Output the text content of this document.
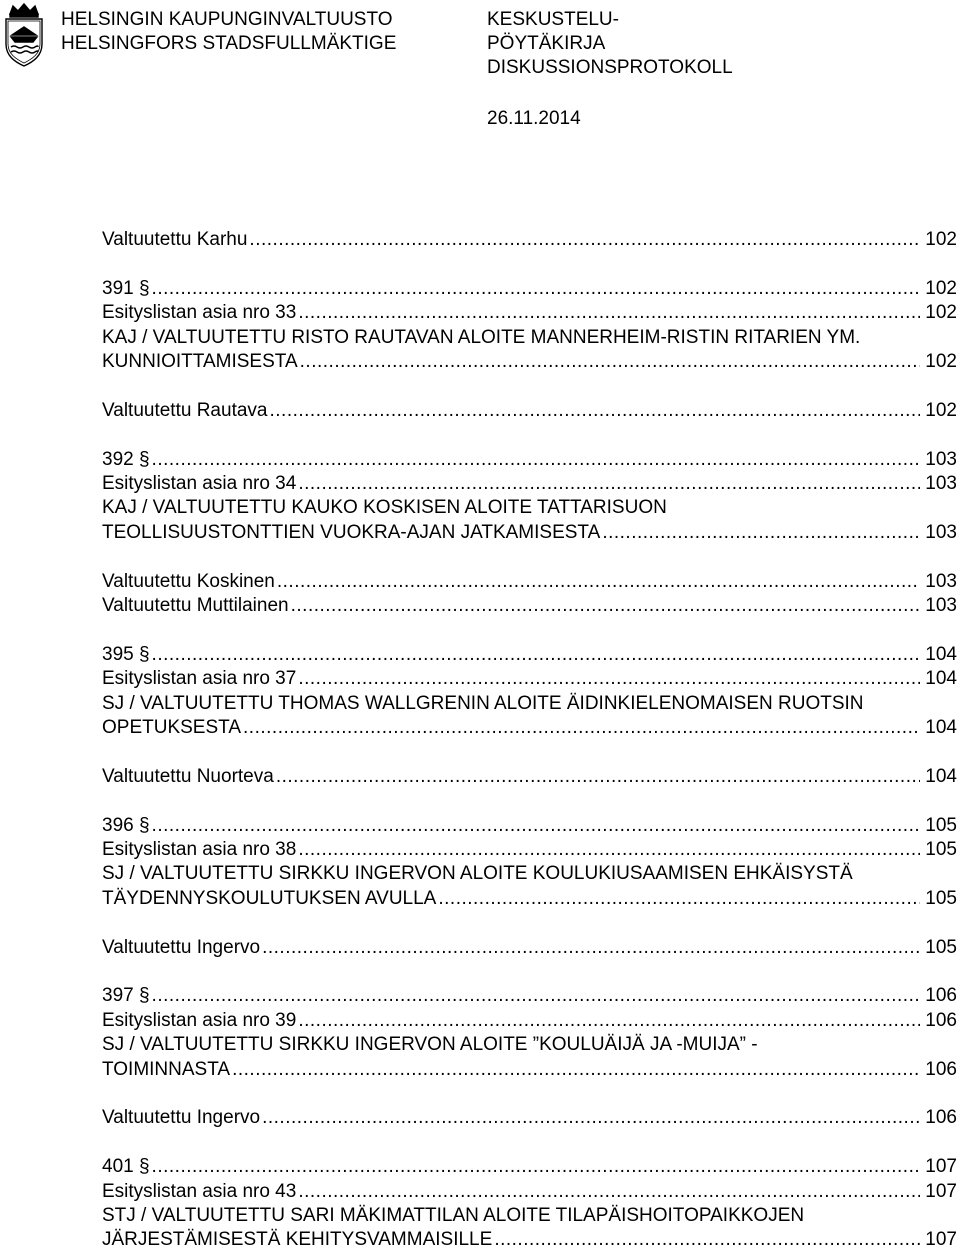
HELSINGIN KAUPUNGINVALTUUSTO
HELSINGFORS STADSFULLMÄKTIGE
KESKUSTELU-
PÖYTÄKIRJA
DISKUSSIONSPROTOKOLL
26.11.2014
Valtuutettu Karhu .....	102
391 § .....	102
Esityslistan asia nro 33 .....	102
KAJ / VALTUUTETTU RISTO RAUTAVAN ALOITE MANNERHEIM-RISTIN RITARIEN YM.
KUNNIOITTAMISESTA .....	102
Valtuutettu Rautava .....	102
392 § .....	103
Esityslistan asia nro 34 .....	103
KAJ / VALTUUTETTU KAUKO KOSKISEN ALOITE TATTARISUON
TEOLLISUUSTONTTIEN VUOKRA-AJAN JATKAMISESTA .....	103
Valtuutettu Koskinen .....	103
Valtuutettu Muttilainen .....	103
395 § .....	104
Esityslistan asia nro 37 .....	104
SJ / VALTUUTETTU THOMAS WALLGRENIN ALOITE ÄIDINKIELENOMAISEN RUOTSIN
OPETUKSESTA .....	104
Valtuutettu Nuorteva .....	104
396 § .....	105
Esityslistan asia nro 38 .....	105
SJ / VALTUUTETTU SIRKKU INGERVON ALOITE KOULUKIUSAAMISEN EHKÄISYSTÄ
TÄYDENNYSKOULUTUKSEN AVULLA .....	105
Valtuutettu Ingervo .....	105
397 § .....	106
Esityslistan asia nro 39 .....	106
SJ / VALTUUTETTU SIRKKU INGERVON ALOITE ”KOULUÄIJÄ JA -MUIJA” -
TOIMINNASTA .....	106
Valtuutettu Ingervo .....	106
401 § .....	107
Esityslistan asia nro 43 .....	107
STJ / VALTUUTETTU SARI MÄKIMATTILAN ALOITE TILAPÄISHOITOPAIKKOJEN
JÄRJESTÄMISESTÄ KEHITYSVAMMAISILLE .....	107
